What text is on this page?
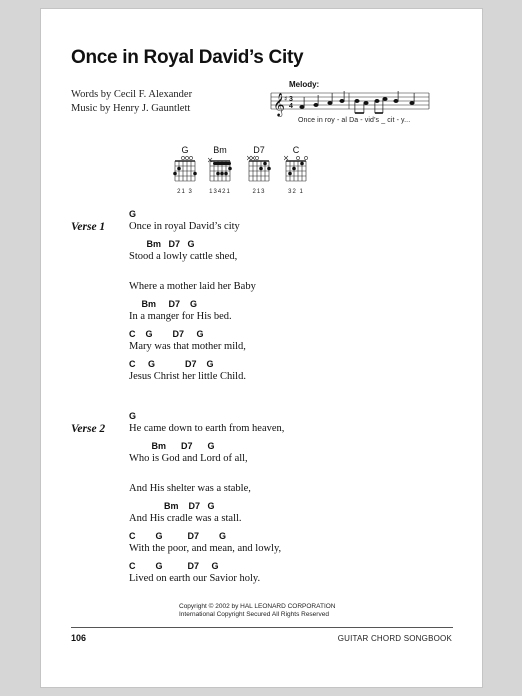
Once in Royal David’s City
Words by Cecil F. Alexander
Music by Henry J. Gauntlett
Melody:
𝄞 ♯ 3
4
Once in roy - al Da - vid’s _ cit - y...
G
21 3
Bm
13421
D7
213
C
32 1
Verse 1
G
Once in royal David’s city
Bm   D7   G
Stood a lowly cattle shed,
Where a mother laid her Baby
Bm     D7    G
In a manger for His bed.
C    G        D7     G
Mary was that mother mild,
C     G            D7    G
Jesus Christ her little Child.
Verse 2
G
He came down to earth from heaven,
Bm      D7      G
Who is God and Lord of all,
And His shelter was a stable,
Bm    D7   G
And His cradle was a stall.
C        G          D7        G
With the poor, and mean, and lowly,
C        G          D7     G
Lived on earth our Savior holy.
Copyright © 2002 by HAL LEONARD CORPORATION
International Copyright Secured All Rights Reserved
106	GUITAR CHORD SONGBOOK
